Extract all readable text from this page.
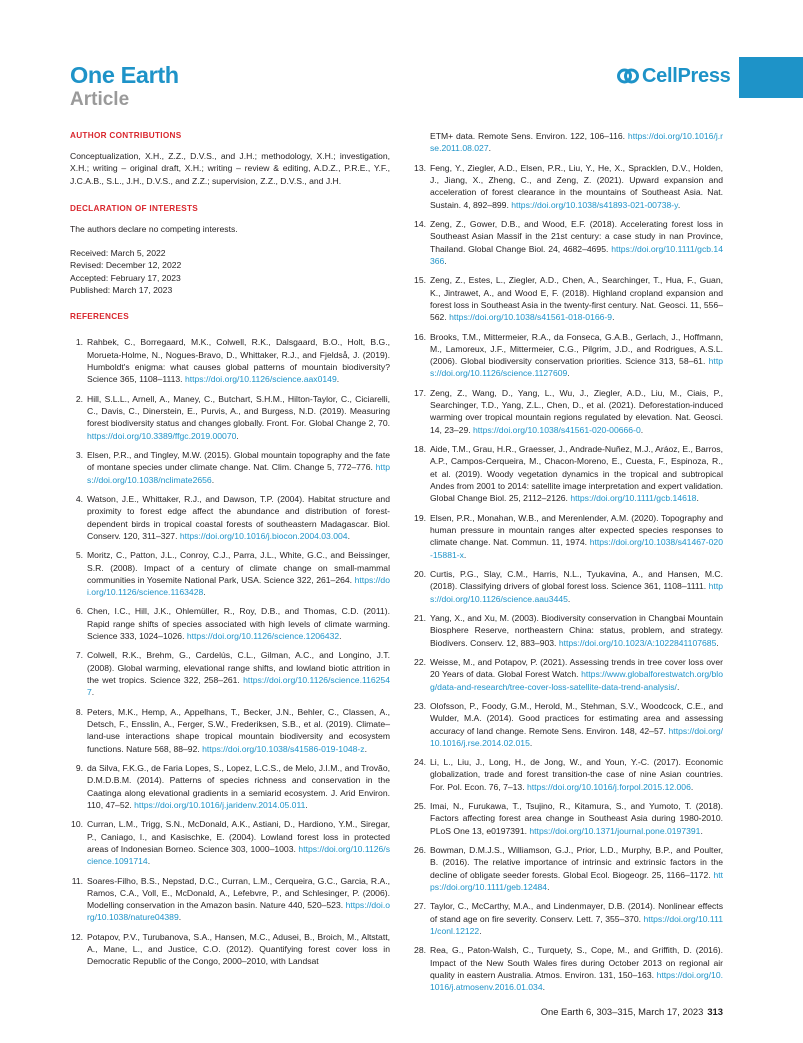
One Earth
Article
CellPress
AUTHOR CONTRIBUTIONS

Conceptualization, X.H., Z.Z., D.V.S., and J.H.; methodology, X.H.; investigation, X.H.; writing – original draft, X.H.; writing – review & editing, A.D.Z., P.R.E., Y.F., J.C.A.B., S.L., J.H., D.V.S., and Z.Z.; supervision, Z.Z., D.V.S., and J.H.

DECLARATION OF INTERESTS

The authors declare no competing interests.

Received: March 5, 2022
Revised: December 12, 2022
Accepted: February 17, 2023
Published: March 17, 2023
REFERENCES
1. Rahbek, C., Borregaard, M.K., Colwell, R.K., Dalsgaard, B.O., Holt, B.G., Morueta-Holme, N., Nogues-Bravo, D., Whittaker, R.J., and Fjeldså, J. (2019). Humboldt's enigma: what causes global patterns of mountain biodiversity? Science 365, 1108–1113. https://doi.org/10.1126/science.aax0149.
2. Hill, S.L.L., Arnell, A., Maney, C., Butchart, S.H.M., Hilton-Taylor, C., Ciciarelli, C., Davis, C., Dinerstein, E., Purvis, A., and Burgess, N.D. (2019). Measuring forest biodiversity status and changes globally. Front. For. Global Change 2, 70. https://doi.org/10.3389/ffgc.2019.00070.
3. Elsen, P.R., and Tingley, M.W. (2015). Global mountain topography and the fate of montane species under climate change. Nat. Clim. Change 5, 772–776. https://doi.org/10.1038/nclimate2656.
4. Watson, J.E., Whittaker, R.J., and Dawson, T.P. (2004). Habitat structure and proximity to forest edge affect the abundance and distribution of forest-dependent birds in tropical coastal forests of southeastern Madagascar. Biol. Conserv. 120, 311–327. https://doi.org/10.1016/j.biocon.2004.03.004.
5. Moritz, C., Patton, J.L., Conroy, C.J., Parra, J.L., White, G.C., and Beissinger, S.R. (2008). Impact of a century of climate change on small-mammal communities in Yosemite National Park, USA. Science 322, 261–264. https://doi.org/10.1126/science.1163428.
6. Chen, I.C., Hill, J.K., Ohlemüller, R., Roy, D.B., and Thomas, C.D. (2011). Rapid range shifts of species associated with high levels of climate warming. Science 333, 1024–1026. https://doi.org/10.1126/science.1206432.
7. Colwell, R.K., Brehm, G., Cardelús, C.L., Gilman, A.C., and Longino, J.T. (2008). Global warming, elevational range shifts, and lowland biotic attrition in the wet tropics. Science 322, 258–261. https://doi.org/10.1126/science.1162547.
8. Peters, M.K., Hemp, A., Appelhans, T., Becker, J.N., Behler, C., Classen, A., Detsch, F., Ensslin, A., Ferger, S.W., Frederiksen, S.B., et al. (2019). Climate–land-use interactions shape tropical mountain biodiversity and ecosystem functions. Nature 568, 88–92. https://doi.org/10.1038/s41586-019-1048-z.
9. da Silva, F.K.G., de Faria Lopes, S., Lopez, L.C.S., de Melo, J.I.M., and Trovão, D.M.D.B.M. (2014). Patterns of species richness and conservation in the Caatinga along elevational gradients in a semiarid ecosystem. J. Arid Environ. 110, 47–52. https://doi.org/10.1016/j.jaridenv.2014.05.011.
10. Curran, L.M., Trigg, S.N., McDonald, A.K., Astiani, D., Hardiono, Y.M., Siregar, P., Caniago, I., and Kasischke, E. (2004). Lowland forest loss in protected areas of Indonesian Borneo. Science 303, 1000–1003. https://doi.org/10.1126/science.1091714.
11. Soares-Filho, B.S., Nepstad, D.C., Curran, L.M., Cerqueira, G.C., Garcia, R.A., Ramos, C.A., Voll, E., McDonald, A., Lefebvre, P., and Schlesinger, P. (2006). Modelling conservation in the Amazon basin. Nature 440, 520–523. https://doi.org/10.1038/nature04389.
12. Potapov, P.V., Turubanova, S.A., Hansen, M.C., Adusei, B., Broich, M., Altstatt, A., Mane, L., and Justice, C.O. (2012). Quantifying forest cover loss in Democratic Republic of the Congo, 2000–2010, with Landsat
ETM+ data. Remote Sens. Environ. 122, 106–116. https://doi.org/10.1016/j.rse.2011.08.027.
13. Feng, Y., Ziegler, A.D., Elsen, P.R., Liu, Y., He, X., Spracklen, D.V., Holden, J., Jiang, X., Zheng, C., and Zeng, Z. (2021). Upward expansion and acceleration of forest clearance in the mountains of Southeast Asia. Nat. Sustain. 4, 892–899. https://doi.org/10.1038/s41893-021-00738-y.
14. Zeng, Z., Gower, D.B., and Wood, E.F. (2018). Accelerating forest loss in Southeast Asian Massif in the 21st century: a case study in nan Province, Thailand. Global Change Biol. 24, 4682–4695. https://doi.org/10.1111/gcb.14366.
15. Zeng, Z., Estes, L., Ziegler, A.D., Chen, A., Searchinger, T., Hua, F., Guan, K., Jintrawet, A., and Wood E, F. (2018). Highland cropland expansion and forest loss in Southeast Asia in the twenty-first century. Nat. Geosci. 11, 556–562. https://doi.org/10.1038/s41561-018-0166-9.
16. Brooks, T.M., Mittermeier, R.A., da Fonseca, G.A.B., Gerlach, J., Hoffmann, M., Lamoreux, J.F., Mittermeier, C.G., Pilgrim, J.D., and Rodrigues, A.S.L. (2006). Global biodiversity conservation priorities. Science 313, 58–61. https://doi.org/10.1126/science.1127609.
17. Zeng, Z., Wang, D., Yang, L., Wu, J., Ziegler, A.D., Liu, M., Ciais, P., Searchinger, T.D., Yang, Z.L., Chen, D., et al. (2021). Deforestation-induced warming over tropical mountain regions regulated by elevation. Nat. Geosci. 14, 23–29. https://doi.org/10.1038/s41561-020-00666-0.
18. Aide, T.M., Grau, H.R., Graesser, J., Andrade-Nuñez, M.J., Aráoz, E., Barros, A.P., Campos-Cerqueira, M., Chacon-Moreno, E., Cuesta, F., Espinoza, R., et al. (2019). Woody vegetation dynamics in the tropical and subtropical Andes from 2001 to 2014: satellite image interpretation and expert validation. Global Change Biol. 25, 2112–2126. https://doi.org/10.1111/gcb.14618.
19. Elsen, P.R., Monahan, W.B., and Merenlender, A.M. (2020). Topography and human pressure in mountain ranges alter expected species responses to climate change. Nat. Commun. 11, 1974. https://doi.org/10.1038/s41467-020-15881-x.
20. Curtis, P.G., Slay, C.M., Harris, N.L., Tyukavina, A., and Hansen, M.C. (2018). Classifying drivers of global forest loss. Science 361, 1108–1111. https://doi.org/10.1126/science.aau3445.
21. Yang, X., and Xu, M. (2003). Biodiversity conservation in Changbai Mountain Biosphere Reserve, northeastern China: status, problem, and strategy. Biodivers. Conserv. 12, 883–903. https://doi.org/10.1023/A:1022841107685.
22. Weisse, M., and Potapov, P. (2021). Assessing trends in tree cover loss over 20 Years of data. Global Forest Watch. https://www.globalforestwatch.org/blog/data-and-research/tree-cover-loss-satellite-data-trend-analysis/.
23. Olofsson, P., Foody, G.M., Herold, M., Stehman, S.V., Woodcock, C.E., and Wulder, M.A. (2014). Good practices for estimating area and assessing accuracy of land change. Remote Sens. Environ. 148, 42–57. https://doi.org/10.1016/j.rse.2014.02.015.
24. Li, L., Liu, J., Long, H., de Jong, W., and Youn, Y.-C. (2017). Economic globalization, trade and forest transition-the case of nine Asian countries. For. Pol. Econ. 76, 7–13. https://doi.org/10.1016/j.forpol.2015.12.006.
25. Imai, N., Furukawa, T., Tsujino, R., Kitamura, S., and Yumoto, T. (2018). Factors affecting forest area change in Southeast Asia during 1980-2010. PLoS One 13, e0197391. https://doi.org/10.1371/journal.pone.0197391.
26. Bowman, D.M.J.S., Williamson, G.J., Prior, L.D., Murphy, B.P., and Poulter, B. (2016). The relative importance of intrinsic and extrinsic factors in the decline of obligate seeder forests. Global Ecol. Biogeogr. 25, 1166–1172. https://doi.org/10.1111/geb.12484.
27. Taylor, C., McCarthy, M.A., and Lindenmayer, D.B. (2014). Nonlinear effects of stand age on fire severity. Conserv. Lett. 7, 355–370. https://doi.org/10.1111/conl.12122.
28. Rea, G., Paton-Walsh, C., Turquety, S., Cope, M., and Griffith, D. (2016). Impact of the New South Wales fires during October 2013 on regional air quality in eastern Australia. Atmos. Environ. 131, 150–163. https://doi.org/10.1016/j.atmosenv.2016.01.034.
One Earth 6, 303–315, March 17, 2023 313
